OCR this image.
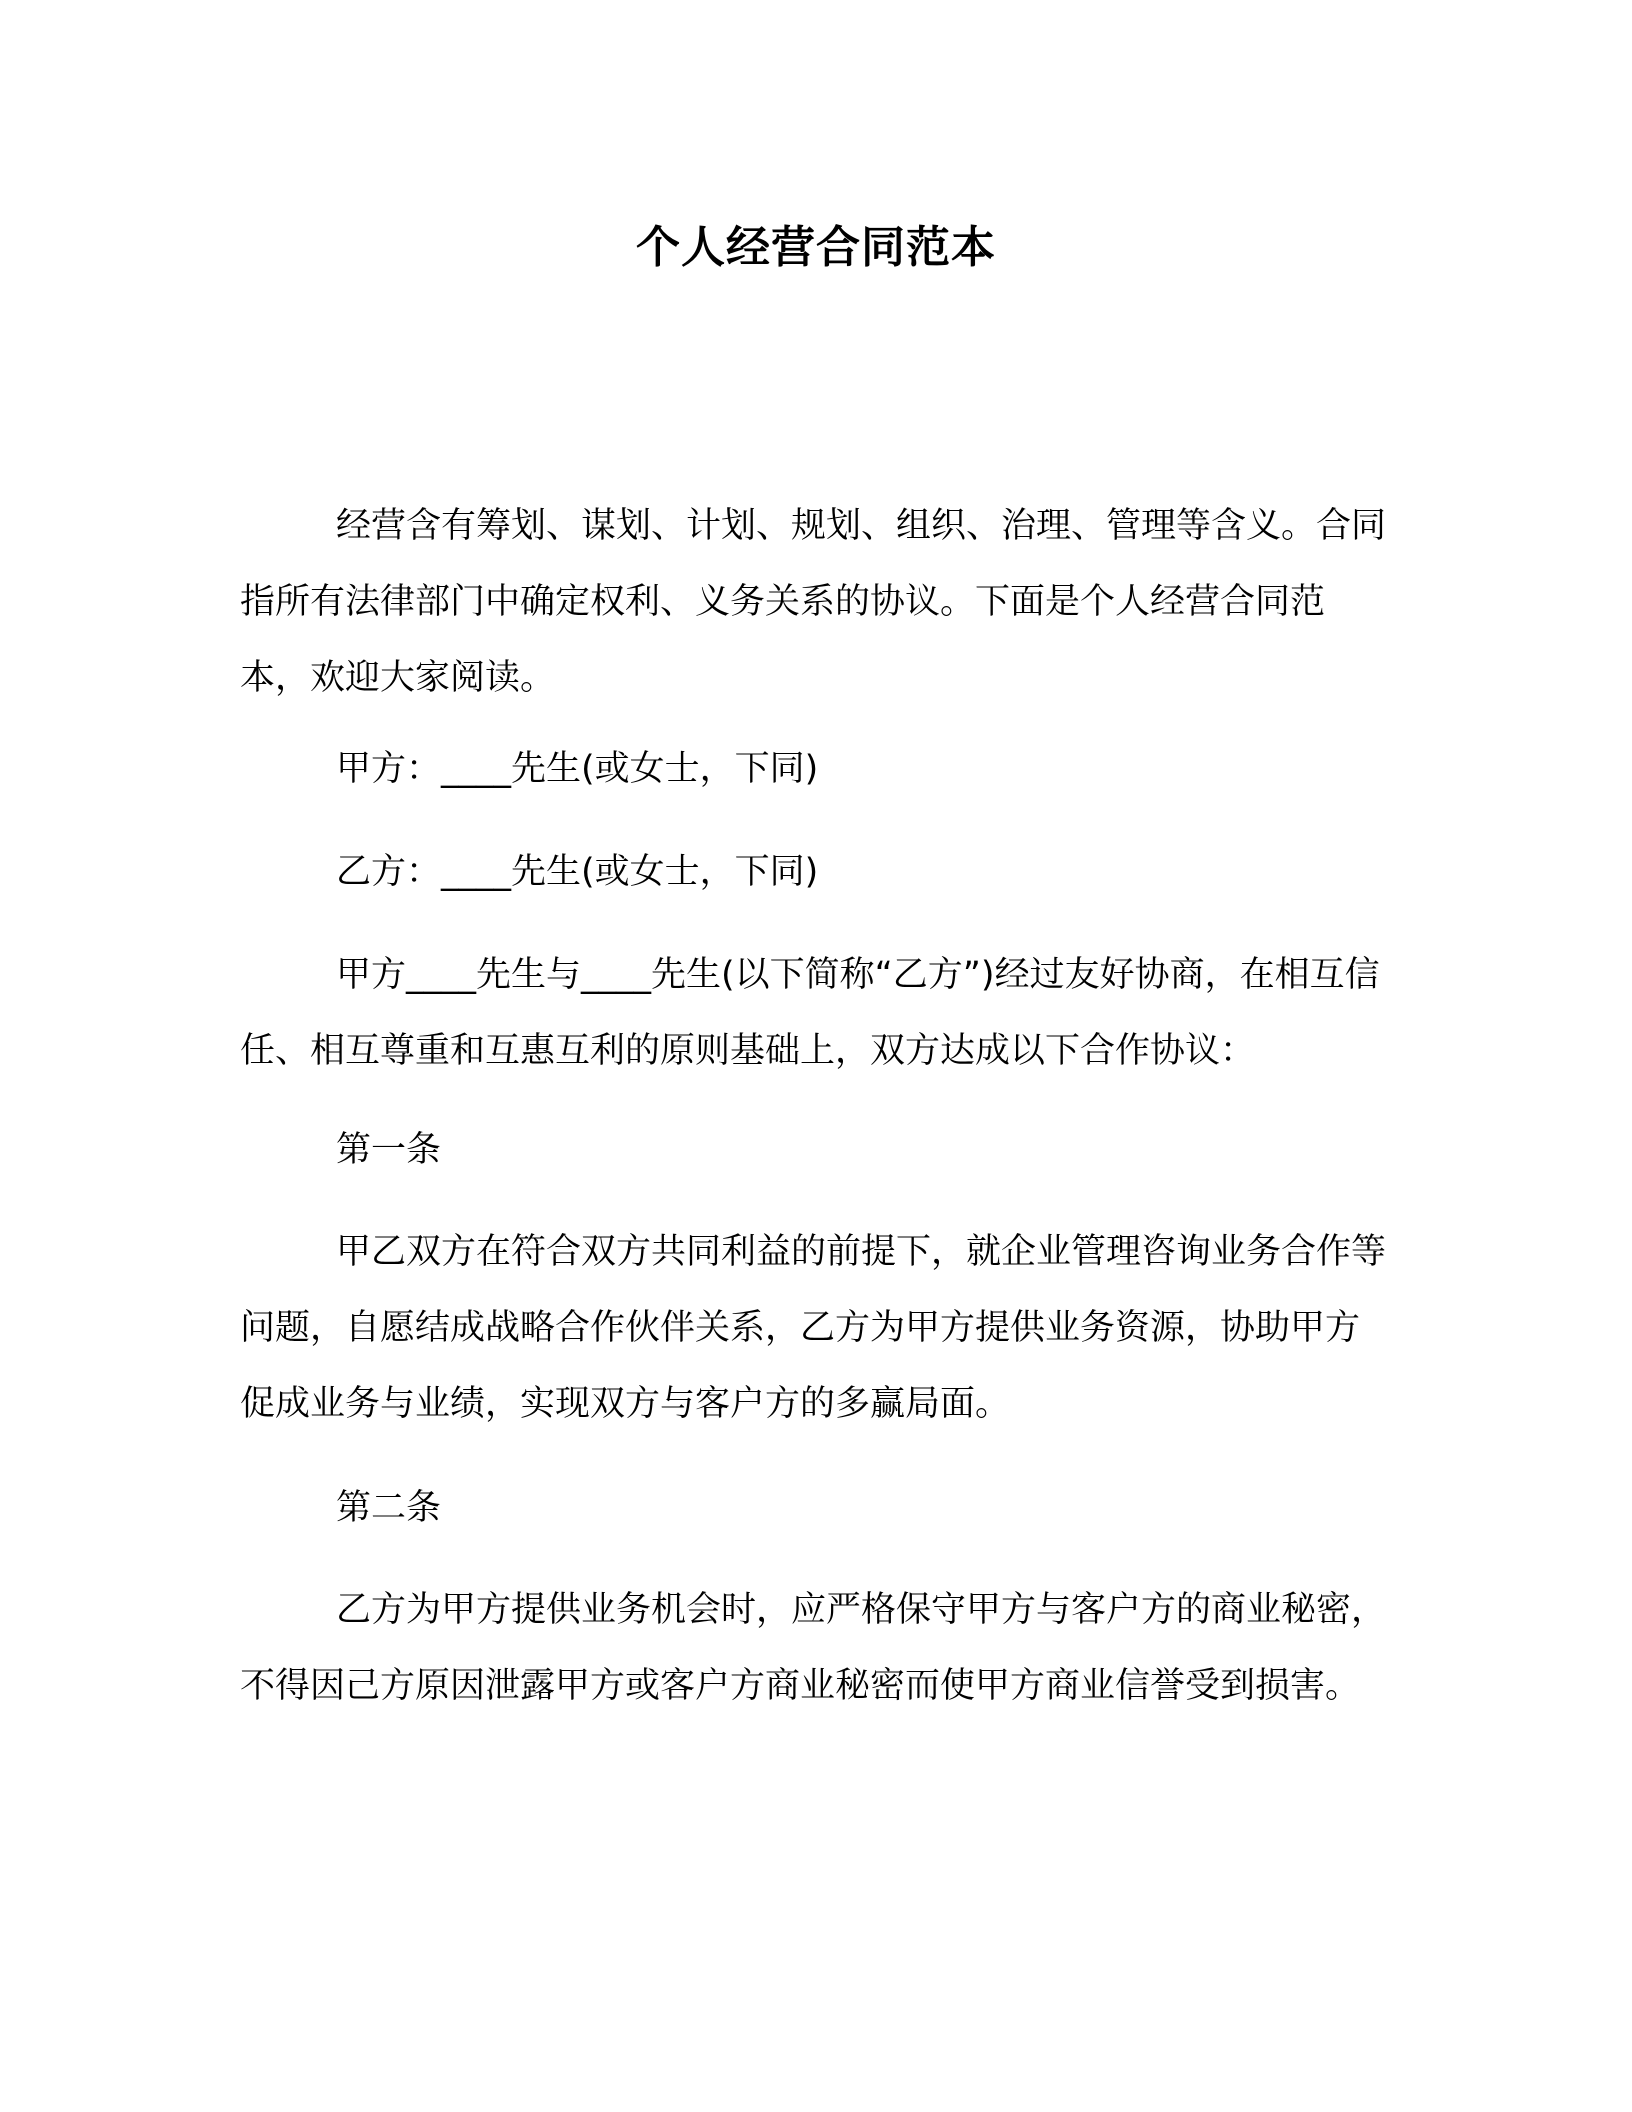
个人经营合同范本

经营含有筹划、谋划、计划、规划、组织、治理、管理等含义。合同指所有法律部门中确定权利、义务关系的协议。下面是个人经营合同范本，欢迎大家阅读。

甲方：____先生(或女士，下同)

乙方：____先生(或女士，下同)

甲方____先生与____先生(以下简称“乙方”)经过友好协商，在相互信任、相互尊重和互惠互利的原则基础上，双方达成以下合作协议：

第一条

甲乙双方在符合双方共同利益的前提下，就企业管理咨询业务合作等问题，自愿结成战略合作伙伴关系，乙方为甲方提供业务资源，协助甲方促成业务与业绩，实现双方与客户方的多赢局面。

第二条

乙方为甲方提供业务机会时，应严格保守甲方与客户方的商业秘密，不得因己方原因泄露甲方或客户方商业秘密而使甲方商业信誉受到损害。
